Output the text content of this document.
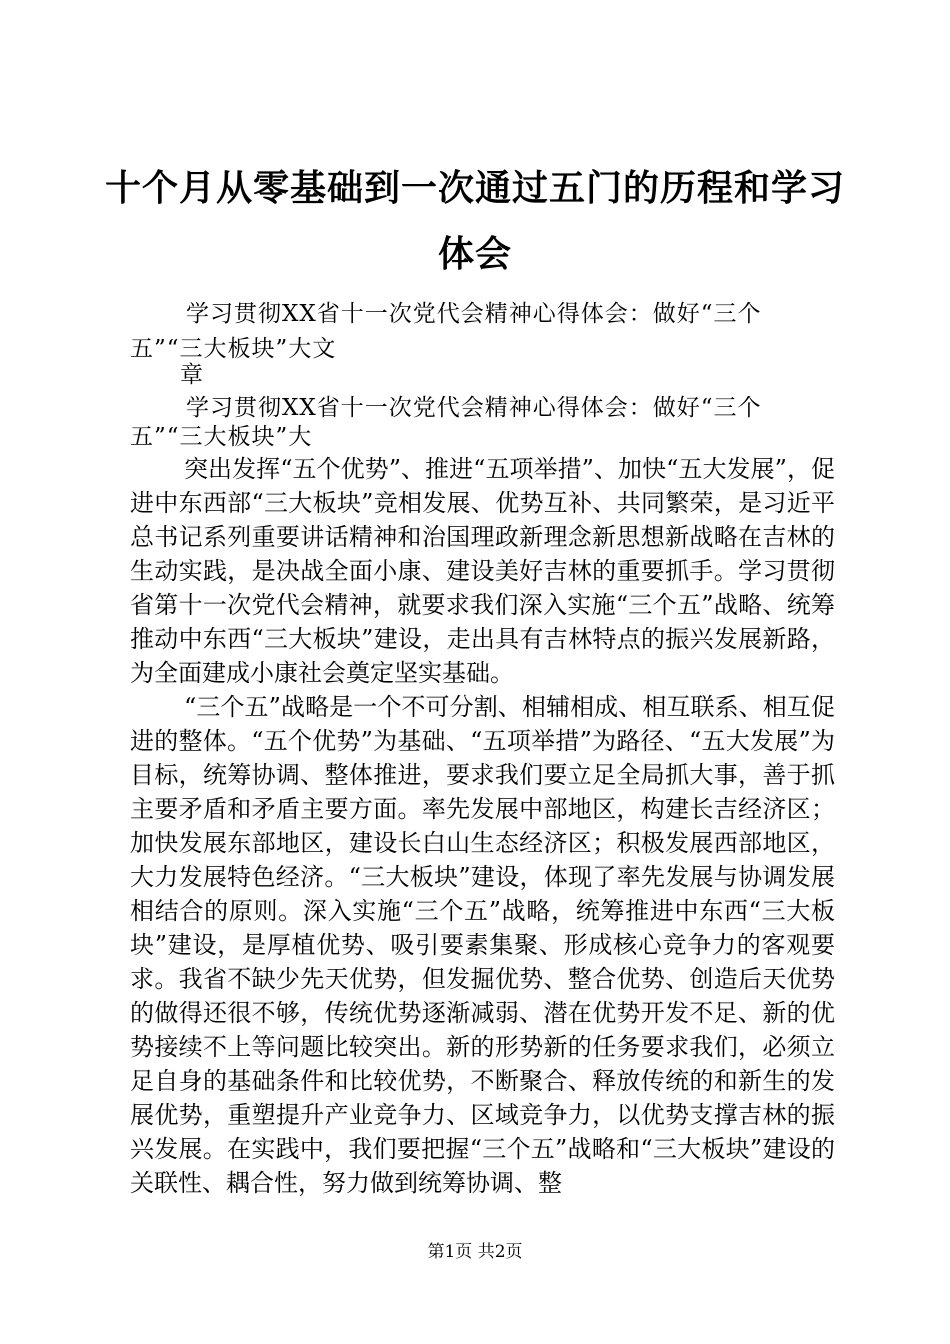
十个月从零基础到一次通过五门的历程和学习
体会
学习贯彻XX省十一次党代会精神心得体会：做好“三个
五”“三大板块”大文
章
学习贯彻XX省十一次党代会精神心得体会：做好“三个
五”“三大板块”大

突出发挥“五个优势”、推进“五项举措”、加快“五大发展”，促进中东西部“三大板块”竞相发展、优势互补、共同繁荣，是习近平总书记系列重要讲话精神和治国理政新理念新思想新战略在吉林的生动实践，是决战全面小康、建设美好吉林的重要抓手。学习贯彻省第十一次党代会精神，就要求我们深入实施“三个五”战略、统筹推动中东西“三大板块”建设，走出具有吉林特点的振兴发展新路，为全面建成小康社会奠定坚实基础。

“三个五”战略是一个不可分割、相辅相成、相互联系、相互促进的整体。“五个优势”为基础、“五项举措”为路径、“五大发展”为目标，统筹协调、整体推进，要求我们要立足全局抓大事，善于抓主要矛盾和矛盾主要方面。率先发展中部地区，构建长吉经济区；加快发展东部地区，建设长白山生态经济区；积极发展西部地区，大力发展特色经济。“三大板块”建设，体现了率先发展与协调发展相结合的原则。深入实施“三个五”战略，统筹推进中东西“三大板块”建设，是厚植优势、吸引要素集聚、形成核心竞争力的客观要求。我省不缺少先天优势，但发掘优势、整合优势、创造后天优势的做得还很不够，传统优势逐渐减弱、潜在优势开发不足、新的优势接续不上等问题比较突出。新的形势新的任务要求我们，必须立足自身的基础条件和比较优势，不断聚合、释放传统的和新生的发展优势，重塑提升产业竞争力、区域竞争力，以优势支撑吉林的振兴发展。在实践中，我们要把握“三个五”战略和“三大板块”建设的关联性、耦合性，努力做到统筹协调、整

第1页 共2页
